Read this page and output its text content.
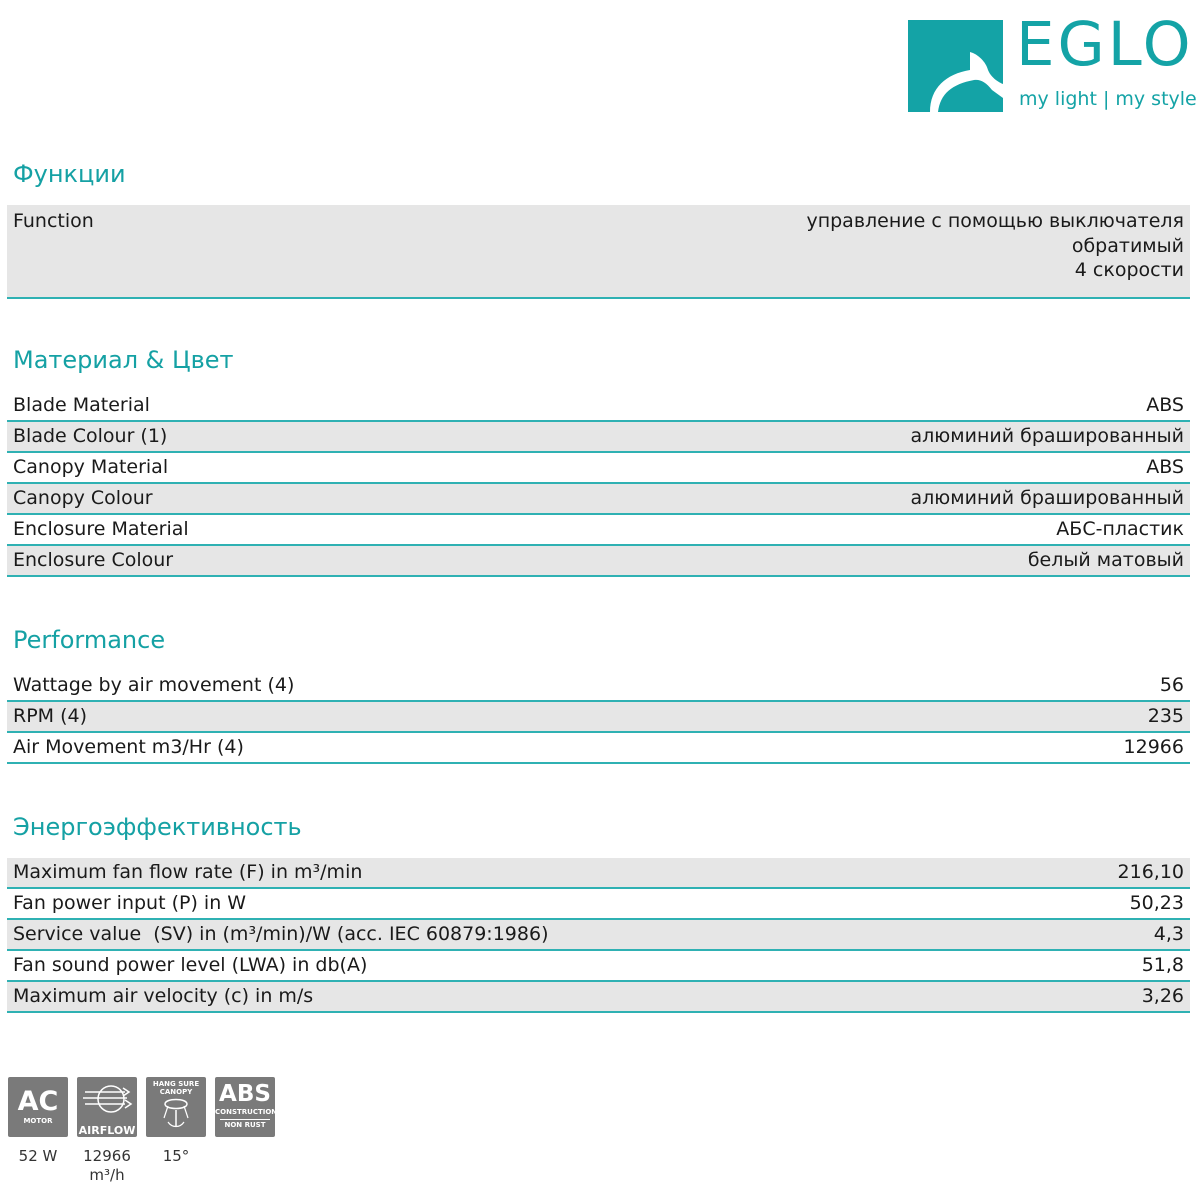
EGLO
my light | my style
Функции
Function	управление с помощью выключателя
обратимый
4 скорости
Материал & Цвет
Blade Material	ABS
Blade Colour (1)	алюминий брашированный
Canopy Material	ABS
Canopy Colour	алюминий брашированный
Enclosure Material	АБС-пластик
Enclosure Colour	белый матовый
Performance
Wattage by air movement (4)	56
RPM (4)	235
Air Movement m3/Hr (4)	12966
Энергоэффективность
Maximum fan flow rate (F) in m³/min	216,10
Fan power input (P) in W	50,23
Service value  (SV) in (m³/min)/W (acc. IEC 60879:1986)	4,3
Fan sound power level (LWA) in db(A)	51,8
Maximum air velocity (c) in m/s	3,26
AC
MOTOR
52 W
AIRFLOW
12966
m³/h
HANG SURE CANOPY
15°
ABS
CONSTRUCTION
NON RUST
